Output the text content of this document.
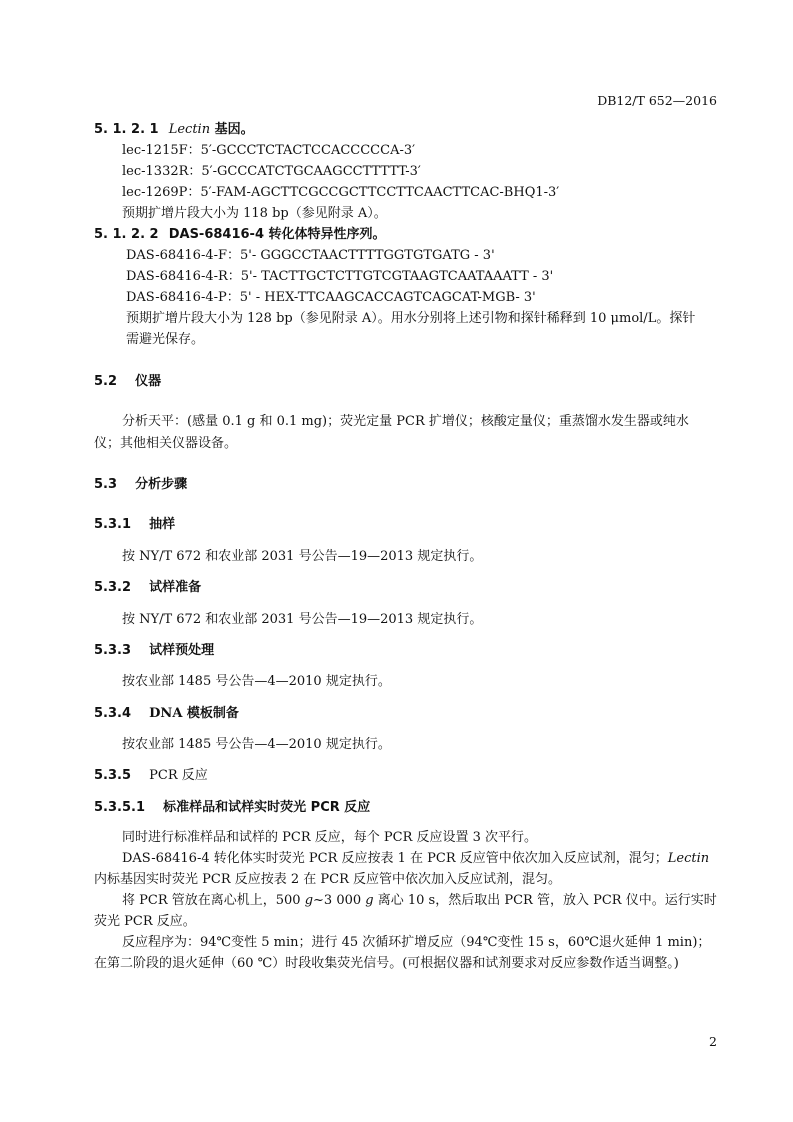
DB12/T 652—2016
5. 1. 2. 1 Lectin 基因。
lec-1215F：5′-GCCCTCTACTCCACCCCCA-3′
lec-1332R：5′-GCCCATCTGCAAGCCTTTTT-3′
lec-1269P：5′-FAM-AGCTTCGCCGCTTCCTTCAACTTCAC-BHQ1-3′
预期扩增片段大小为 118 bp（参见附录 A）。
5. 1. 2. 2 DAS-68416-4 转化体特异性序列。
DAS-68416-4-F：5'- GGGCCTAACTTTTGGTGTGATG - 3'
DAS-68416-4-R：5'- TACTTGCTCTTGTCGTAAGTCAATAAATT - 3'
DAS-68416-4-P：5' - HEX-TTCAAGCACCAGTCAGCAT-MGB- 3'
预期扩增片段大小为 128 bp（参见附录 A）。用水分别将上述引物和探针稀释到 10 μmol/L。探针
需避光保存。
5.2 仪器
分析天平：(感量 0.1 g 和 0.1 mg)；荧光定量 PCR 扩增仪；核酸定量仪；重蒸馏水发生器或纯水
仪；其他相关仪器设备。
5.3 分析步骤
5.3.1 抽样
按 NY/T 672 和农业部 2031 号公告—19—2013 规定执行。
5.3.2 试样准备
按 NY/T 672 和农业部 2031 号公告—19—2013 规定执行。
5.3.3 试样预处理
按农业部 1485 号公告—4—2010 规定执行。
5.3.4 DNA 模板制备
按农业部 1485 号公告—4—2010 规定执行。
5.3.5 PCR 反应
5.3.5.1 标准样品和试样实时荧光 PCR 反应
同时进行标准样品和试样的 PCR 反应，每个 PCR 反应设置 3 次平行。
DAS-68416-4 转化体实时荧光 PCR 反应按表 1 在 PCR 反应管中依次加入反应试剂，混匀；Lectin
内标基因实时荧光 PCR 反应按表 2 在 PCR 反应管中依次加入反应试剂，混匀。
将 PCR 管放在离心机上，500 g~3 000 g 离心 10 s，然后取出 PCR 管，放入 PCR 仪中。运行实时
荧光 PCR 反应。
反应程序为：94℃变性 5 min；进行 45 次循环扩增反应（94℃变性 15 s，60℃退火延伸 1 min)；
在第二阶段的退火延伸（60 ℃）时段收集荧光信号。(可根据仪器和试剂要求对反应参数作适当调整。)
2
